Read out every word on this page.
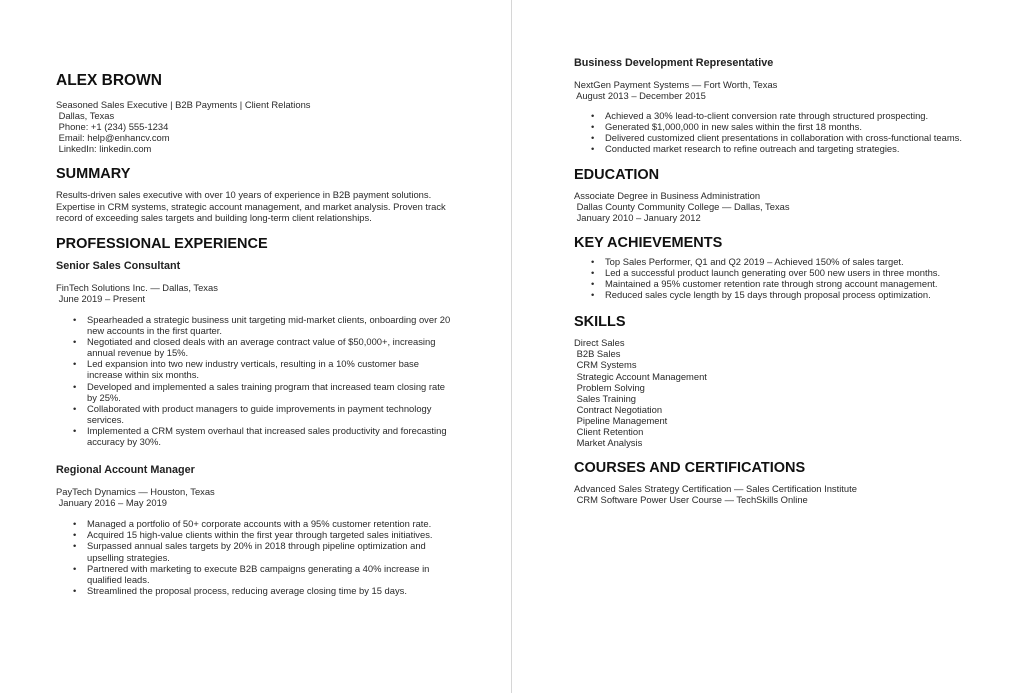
ALEX BROWN
Seasoned Sales Executive | B2B Payments | Client Relations
Dallas, Texas
Phone: +1 (234) 555-1234
Email: help@enhancv.com
LinkedIn: linkedin.com
SUMMARY
Results-driven sales executive with over 10 years of experience in B2B payment solutions. Expertise in CRM systems, strategic account management, and market analysis. Proven track record of exceeding sales targets and building long-term client relationships.
PROFESSIONAL EXPERIENCE
Senior Sales Consultant
FinTech Solutions Inc. — Dallas, Texas
June 2019 – Present
• Spearheaded a strategic business unit targeting mid-market clients, onboarding over 20 new accounts in the first quarter.
• Negotiated and closed deals with an average contract value of $50,000+, increasing annual revenue by 15%.
• Led expansion into two new industry verticals, resulting in a 10% customer base increase within six months.
• Developed and implemented a sales training program that increased team closing rate by 25%.
• Collaborated with product managers to guide improvements in payment technology services.
• Implemented a CRM system overhaul that increased sales productivity and forecasting accuracy by 30%.
Regional Account Manager
PayTech Dynamics — Houston, Texas
January 2016 – May 2019
• Managed a portfolio of 50+ corporate accounts with a 95% customer retention rate.
• Acquired 15 high-value clients within the first year through targeted sales initiatives.
• Surpassed annual sales targets by 20% in 2018 through pipeline optimization and upselling strategies.
• Partnered with marketing to execute B2B campaigns generating a 40% increase in qualified leads.
• Streamlined the proposal process, reducing average closing time by 15 days.
Business Development Representative
NextGen Payment Systems — Fort Worth, Texas
August 2013 – December 2015
• Achieved a 30% lead-to-client conversion rate through structured prospecting.
• Generated $1,000,000 in new sales within the first 18 months.
• Delivered customized client presentations in collaboration with cross-functional teams.
• Conducted market research to refine outreach and targeting strategies.
EDUCATION
Associate Degree in Business Administration
Dallas County Community College — Dallas, Texas
January 2010 – January 2012
KEY ACHIEVEMENTS
• Top Sales Performer, Q1 and Q2 2019 – Achieved 150% of sales target.
• Led a successful product launch generating over 500 new users in three months.
• Maintained a 95% customer retention rate through strong account management.
• Reduced sales cycle length by 15 days through proposal process optimization.
SKILLS
Direct Sales
B2B Sales
CRM Systems
Strategic Account Management
Problem Solving
Sales Training
Contract Negotiation
Pipeline Management
Client Retention
Market Analysis
COURSES AND CERTIFICATIONS
Advanced Sales Strategy Certification — Sales Certification Institute
CRM Software Power User Course — TechSkills Online
